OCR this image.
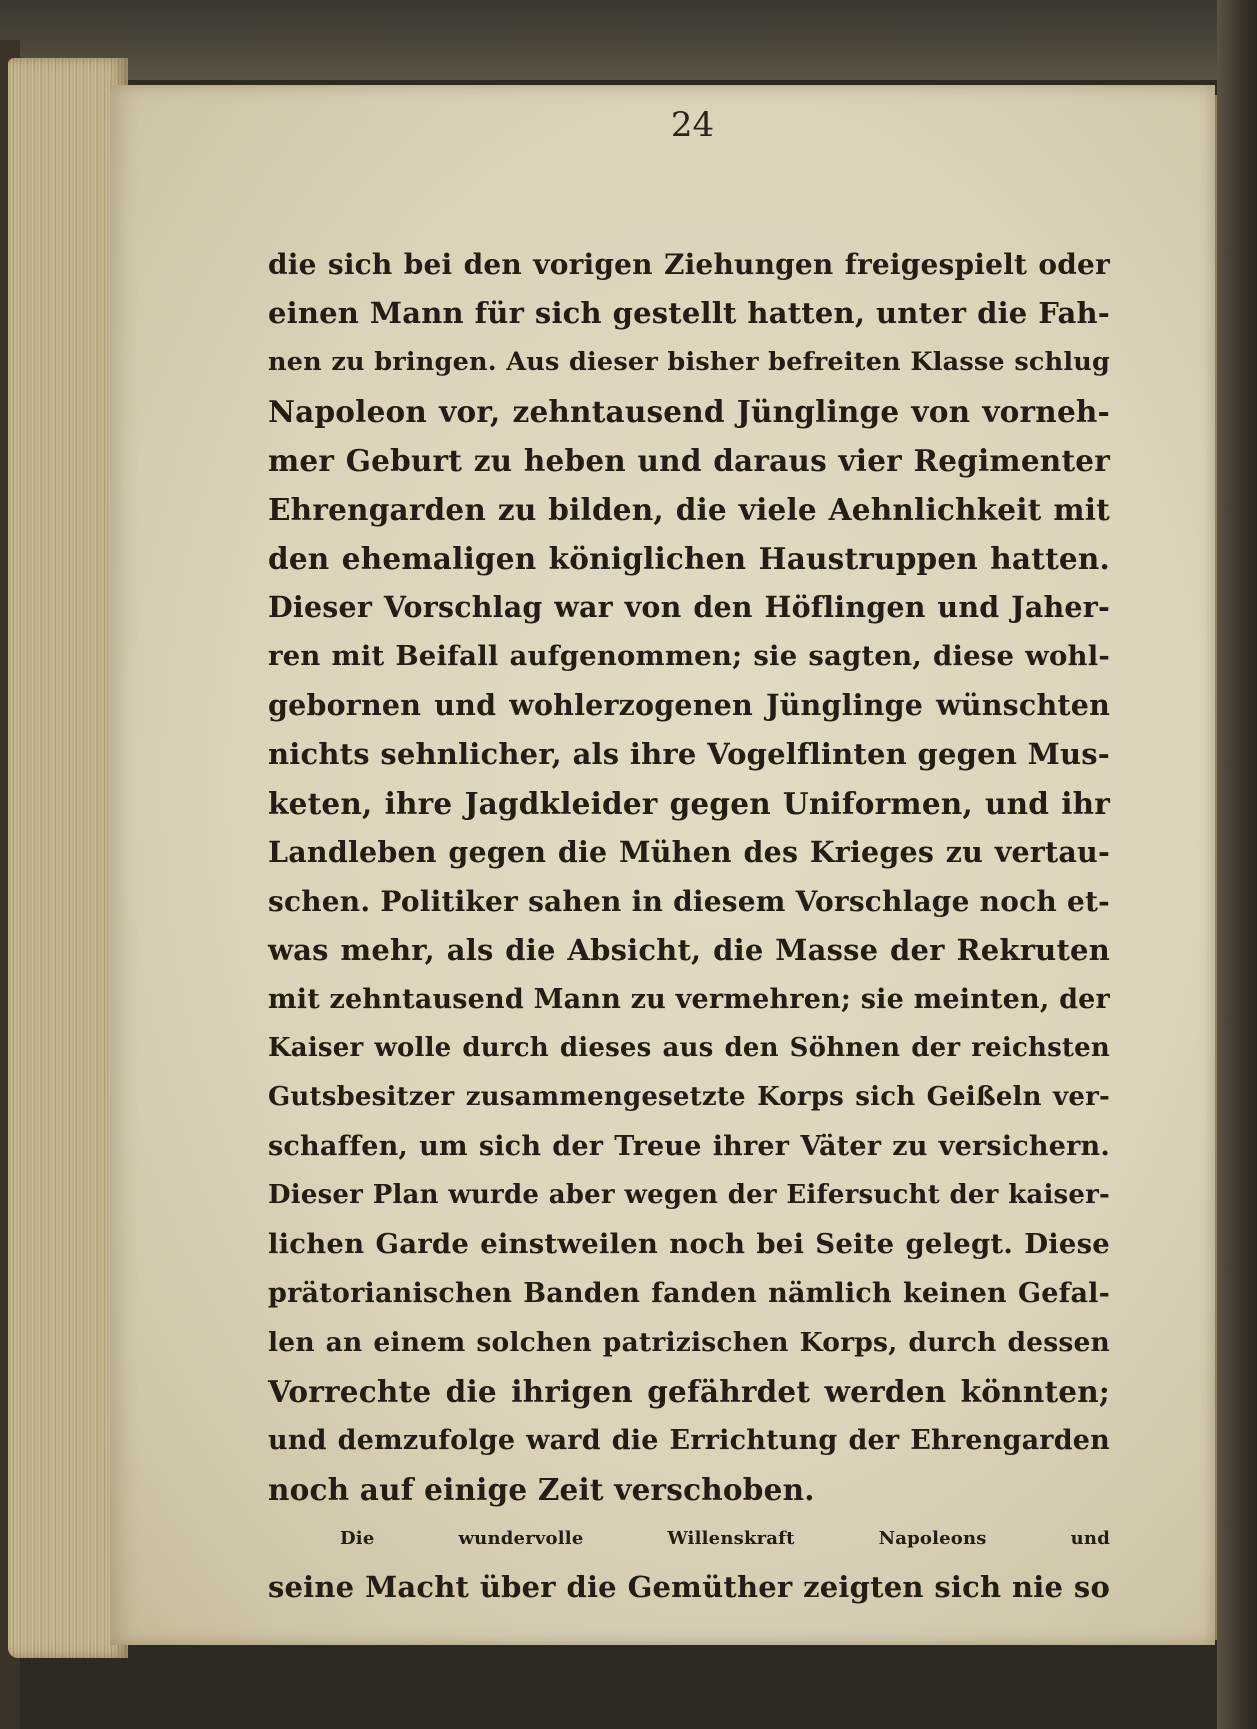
24
die sich bei den vorigen Ziehungen freigespielt oder
einen Mann für sich gestellt hatten, unter die Fah-
nen zu bringen. Aus dieser bisher befreiten Klasse schlug
Napoleon vor, zehntausend Jünglinge von vorneh-
mer Geburt zu heben und daraus vier Regimenter
Ehrengarden zu bilden, die viele Aehnlichkeit mit
den ehemaligen königlichen Haustruppen hatten.
Dieser Vorschlag war von den Höflingen und Jaher-
ren mit Beifall aufgenommen; sie sagten, diese wohl-
gebornen und wohlerzogenen Jünglinge wünschten
nichts sehnlicher, als ihre Vogelflinten gegen Mus-
keten, ihre Jagdkleider gegen Uniformen, und ihr
Landleben gegen die Mühen des Krieges zu vertau-
schen. Politiker sahen in diesem Vorschlage noch et-
was mehr, als die Absicht, die Masse der Rekruten
mit zehntausend Mann zu vermehren; sie meinten, der
Kaiser wolle durch dieses aus den Söhnen der reichsten
Gutsbesitzer zusammengesetzte Korps sich Geißeln ver-
schaffen, um sich der Treue ihrer Väter zu versichern.
Dieser Plan wurde aber wegen der Eifersucht der kaiser-
lichen Garde einstweilen noch bei Seite gelegt. Diese
prätorianischen Banden fanden nämlich keinen Gefal-
len an einem solchen patrizischen Korps, durch dessen
Vorrechte die ihrigen gefährdet werden könnten;
und demzufolge ward die Errichtung der Ehrengarden
noch auf einige Zeit verschoben.
Die wundervolle Willenskraft Napoleons und
seine Macht über die Gemüther zeigten sich nie so
